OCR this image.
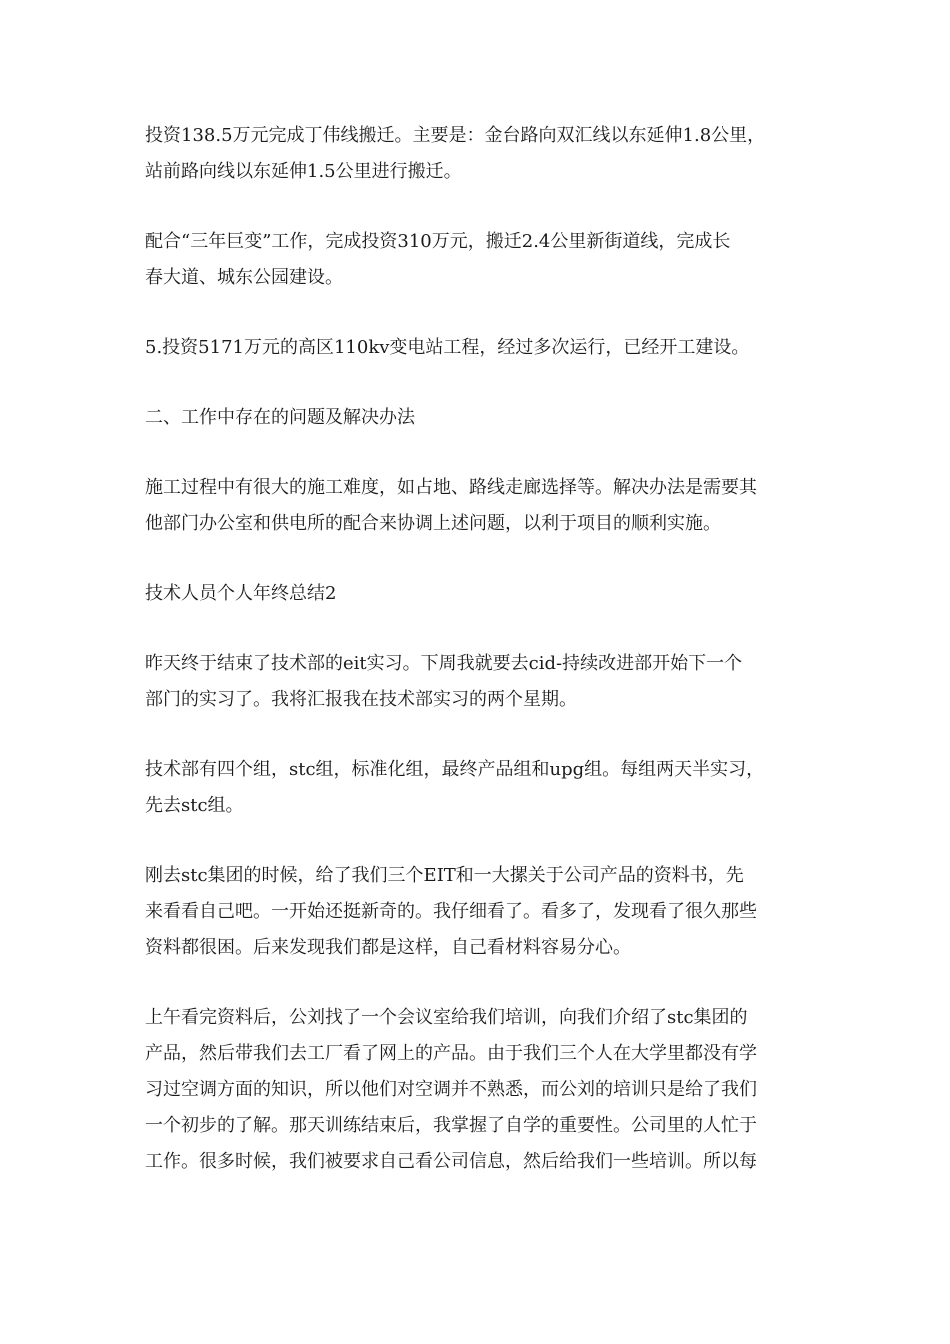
投资138.5万元完成丁伟线搬迁。主要是：金台路向双汇线以东延伸1.8公里，
站前路向线以东延伸1.5公里进行搬迁。

配合“三年巨变”工作，完成投资310万元，搬迁2.4公里新街道线，完成长
春大道、城东公园建设。

5.投资5171万元的高区110kv变电站工程，经过多次运行，已经开工建设。

二、工作中存在的问题及解决办法

施工过程中有很大的施工难度，如占地、路线走廊选择等。解决办法是需要其
他部门办公室和供电所的配合来协调上述问题，以利于项目的顺利实施。

技术人员个人年终总结2

昨天终于结束了技术部的eit实习。下周我就要去cid-持续改进部开始下一个
部门的实习了。我将汇报我在技术部实习的两个星期。

技术部有四个组，stc组，标准化组，最终产品组和upg组。每组两天半实习，
先去stc组。

刚去stc集团的时候，给了我们三个EIT和一大摞关于公司产品的资料书，先
来看看自己吧。一开始还挺新奇的。我仔细看了。看多了，发现看了很久那些
资料都很困。后来发现我们都是这样，自己看材料容易分心。

上午看完资料后，公刘找了一个会议室给我们培训，向我们介绍了stc集团的
产品，然后带我们去工厂看了网上的产品。由于我们三个人在大学里都没有学
习过空调方面的知识，所以他们对空调并不熟悉，而公刘的培训只是给了我们
一个初步的了解。那天训练结束后，我掌握了自学的重要性。公司里的人忙于
工作。很多时候，我们被要求自己看公司信息，然后给我们一些培训。所以每
